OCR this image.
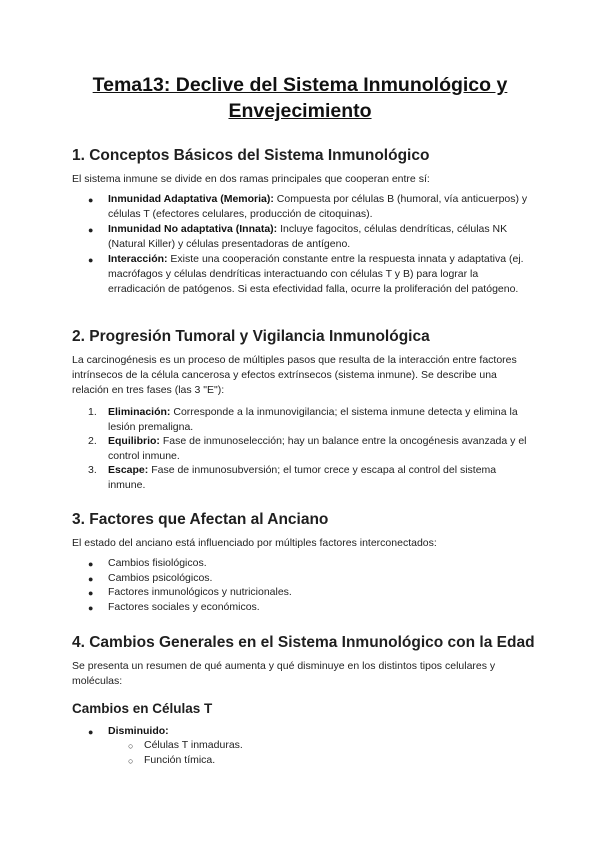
Tema13: Declive del Sistema Inmunológico y Envejecimiento
1. Conceptos Básicos del Sistema Inmunológico
El sistema inmune se divide en dos ramas principales que cooperan entre sí:
● Inmunidad Adaptativa (Memoria): Compuesta por células B (humoral, vía anticuerpos) y células T (efectores celulares, producción de citoquinas).
● Inmunidad No adaptativa (Innata): Incluye fagocitos, células dendríticas, células NK (Natural Killer) y células presentadoras de antígeno.
● Interacción: Existe una cooperación constante entre la respuesta innata y adaptativa (ej. macrófagos y células dendríticas interactuando con células T y B) para lograr la erradicación de patógenos. Si esta efectividad falla, ocurre la proliferación del patógeno.
2. Progresión Tumoral y Vigilancia Inmunológica
La carcinogénesis es un proceso de múltiples pasos que resulta de la interacción entre factores intrínsecos de la célula cancerosa y efectos extrínsecos (sistema inmune). Se describe una relación en tres fases (las 3 "E"):
1. Eliminación: Corresponde a la inmunovigilancia; el sistema inmune detecta y elimina la lesión premaligna.
2. Equilibrio: Fase de inmunoselección; hay un balance entre la oncogénesis avanzada y el control inmune.
3. Escape: Fase de inmunosubversión; el tumor crece y escapa al control del sistema inmune.
3. Factores que Afectan al Anciano
El estado del anciano está influenciado por múltiples factores interconectados:
● Cambios fisiológicos.
● Cambios psicológicos.
● Factores inmunológicos y nutricionales.
● Factores sociales y económicos.
4. Cambios Generales en el Sistema Inmunológico con la Edad
Se presenta un resumen de qué aumenta y qué disminuye en los distintos tipos celulares y moléculas:
Cambios en Células T
● Disminuido:
○ Células T inmaduras.
○ Función tímica.
